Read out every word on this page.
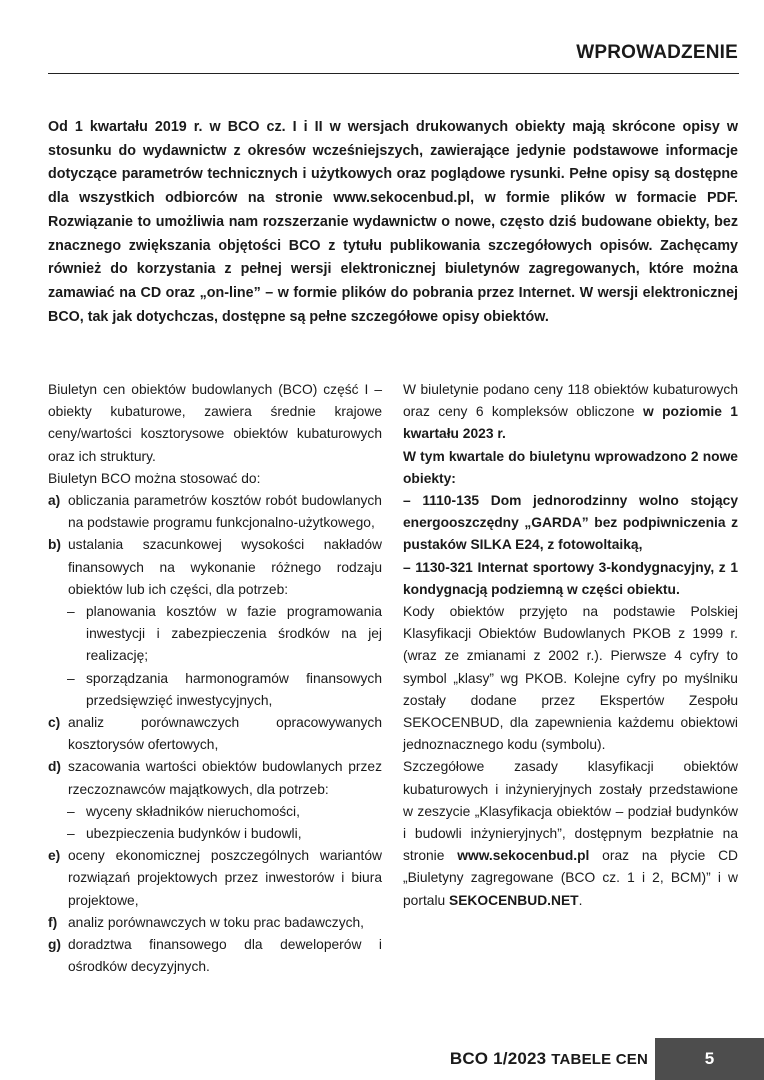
WPROWADZENIE

Od 1 kwartału 2019 r. w BCO cz. I i II w wersjach drukowanych obiekty mają skrócone opisy w stosunku do wydawnictw z okresów wcześniejszych, zawierające jedynie podstawowe informacje dotyczące parametrów technicznych i użytkowych oraz poglądowe rysunki. Pełne opisy są dostępne dla wszystkich odbiorców na stronie www.sekocenbud.pl, w formie plików w formacie PDF. Rozwiązanie to umożliwia nam rozszerzanie wydawnictw o nowe, często dziś budowane obiekty, bez znacznego zwiększania objętości BCO z tytułu publikowania szczegółowych opisów. Zachęcamy również do korzystania z pełnej wersji elektronicznej biuletynów zagregowanych, które można zamawiać na CD oraz „on-line” – w formie plików do pobrania przez Internet. W wersji elektronicznej BCO, tak jak dotychczas, dostępne są pełne szczegółowe opisy obiektów.

Biuletyn cen obiektów budowlanych (BCO) część I – obiekty kubaturowe, zawiera średnie krajowe ceny/wartości kosztorysowe obiektów kubaturowych oraz ich struktury.

Biuletyn BCO można stosować do:

a) obliczania parametrów kosztów robót budowlanych na podstawie programu funkcjonalno-użytkowego,
b) ustalania szacunkowej wysokości nakładów finansowych na wykonanie różnego rodzaju obiektów lub ich części, dla potrzeb:
– planowania kosztów w fazie programowania inwestycji i zabezpieczenia środków na jej realizację;
– sporządzania harmonogramów finansowych przedsięwzięć inwestycyjnych,
c) analiz porównawczych opracowywanych kosztorysów ofertowych,
d) szacowania wartości obiektów budowlanych przez rzeczoznawców majątkowych, dla potrzeb:
– wyceny składników nieruchomości,
– ubezpieczenia budynków i budowli,
e) oceny ekonomicznej poszczególnych wariantów rozwiązań projektowych przez inwestorów i biura projektowe,
f) analiz porównawczych w toku prac badawczych,
g) doradztwa finansowego dla deweloperów i ośrodków decyzyjnych.

W biuletynie podano ceny 118 obiektów kubaturowych oraz ceny 6 kompleksów obliczone w poziomie 1 kwartału 2023 r.

W tym kwartale do biuletynu wprowadzono 2 nowe obiekty:

– 1110-135 Dom jednorodzinny wolno stojący energooszczędny „GARDA” bez podpiwniczenia z pustaków SILKA E24, z fotowoltaiką,

– 1130-321 Internat sportowy 3-kondygnacyjny, z 1 kondygnacją podziemną w części obiektu.

Kody obiektów przyjęto na podstawie Polskiej Klasyfikacji Obiektów Budowlanych PKOB z 1999 r. (wraz ze zmianami z 2002 r.). Pierwsze 4 cyfry to symbol „klasy” wg PKOB. Kolejne cyfry po myślniku zostały dodane przez Ekspertów Zespołu SEKOCENBUD, dla zapewnienia każdemu obiektowi jednoznacznego kodu (symbolu).

Szczegółowe zasady klasyfikacji obiektów kubaturowych i inżynieryjnych zostały przedstawione w zeszycie „Klasyfikacja obiektów – podział budynków i budowli inżynieryjnych”, dostępnym bezpłatnie na stronie www.sekocenbud.pl oraz na płycie CD „Biuletyny zagregowane (BCO cz. 1 i 2, BCM)” i w portalu SEKOCENBUD.NET.

BCO 1/2023 TABELE CEN	5
